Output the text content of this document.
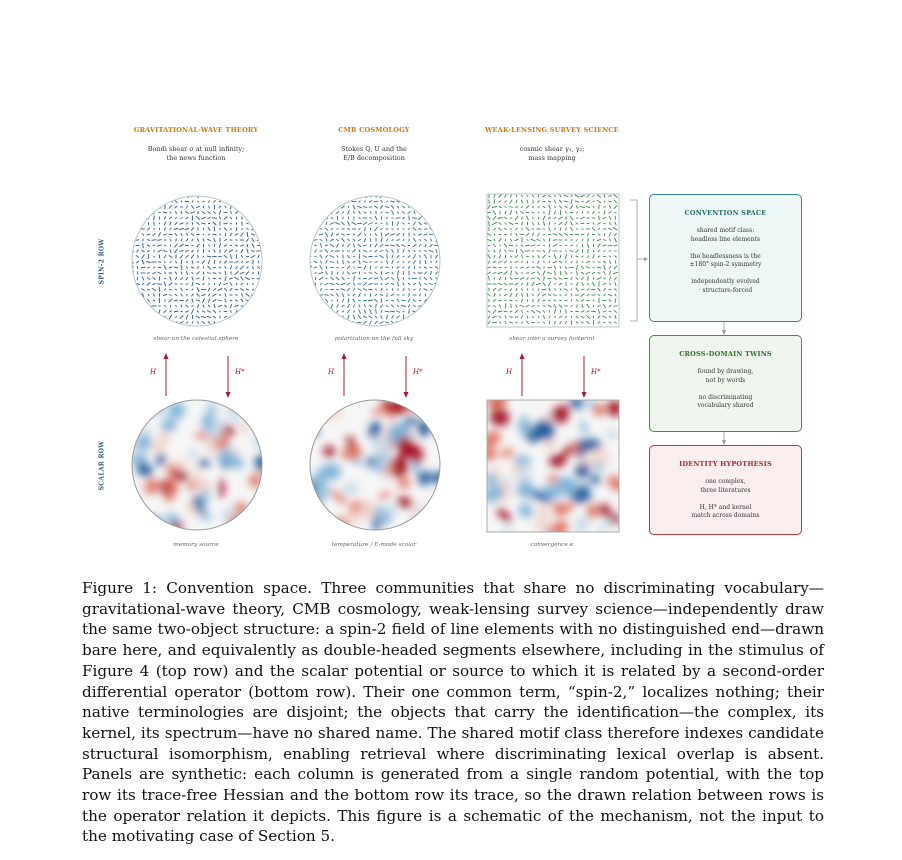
GRAVITATIONAL-WAVE THEORY	CMB COSMOLOGY	WEAK-LENSING SURVEY SCIENCE
Bondi shear σ at null infinity;
the news function
Stokes Q, U and the
E/B decomposition
cosmic shear γ₁, γ₂;
mass mapping
SPIN-2 ROW
SCALAR ROW
H	H*	H	H*	H	H*
shear on the celestial sphere	polarization on the full sky	shear over a survey footprint
memory source	temperature / E-mode scalar	convergence κ
CONVENTION SPACE
shared motif class:
headless line elements

the headlessness is the
±180° spin-2 symmetry

independently evolved
· structure-forced
CROSS-DOMAIN TWINS
found by drawing,
not by words

no discriminating
vocabulary shared
IDENTITY HYPOTHESIS
one complex,
three literatures

H, H* and kernel
match across domains
Figure 1: Convention space. Three communities that share no discriminating vocabulary—gravitational-wave theory, CMB cosmology, weak-lensing survey science—independently draw the same two-object structure: a spin-2 field of line elements with no distinguished end—drawn bare here, and equivalently as double-headed segments elsewhere, including in the stimulus of Figure 4 (top row) and the scalar potential or source to which it is related by a second-order differential operator (bottom row). Their one common term, “spin-2,” localizes nothing; their native terminologies are disjoint; the objects that carry the identification—the complex, its kernel, its spectrum—have no shared name. The shared motif class therefore indexes candidate structural isomorphism, enabling retrieval where discriminating lexical overlap is absent. Panels are synthetic: each column is generated from a single random potential, with the top row its trace-free Hessian and the bottom row its trace, so the drawn relation between rows is the operator relation it depicts. This figure is a schematic of the mechanism, not the input to the motivating case of Section 5.
